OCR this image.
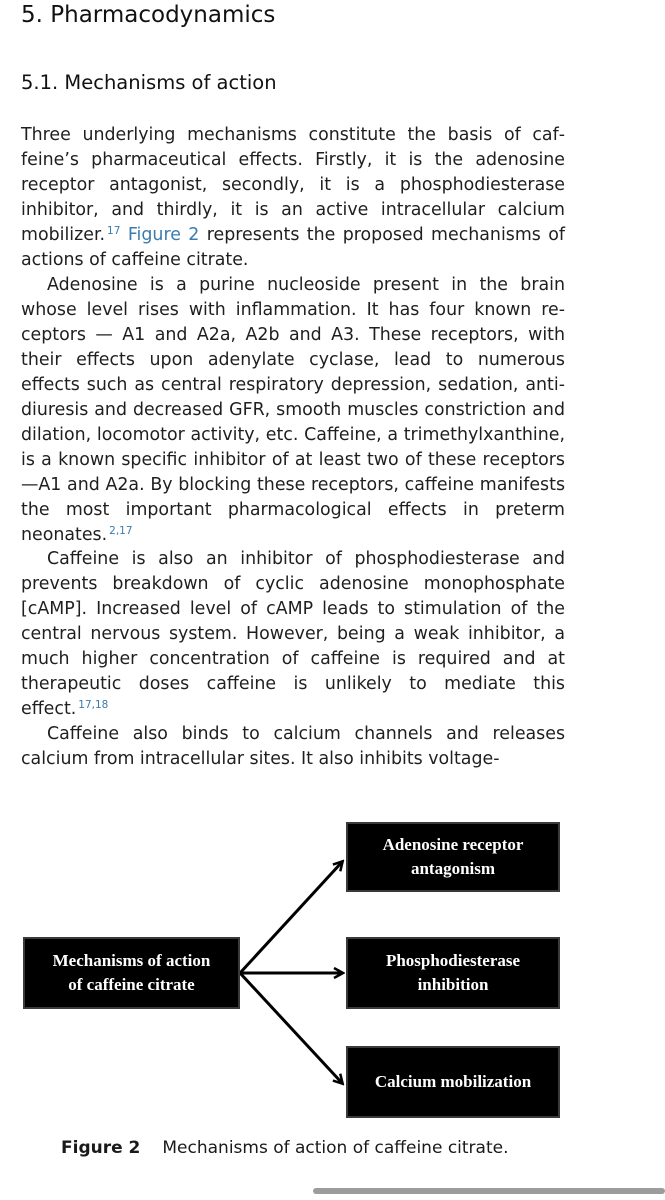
5. Pharmacodynamics
5.1. Mechanisms of action

Three underlying mechanisms constitute the basis of caffeine’s pharmaceutical effects. Firstly, it is the adenosine receptor antagonist, secondly, it is a phosphodiesterase inhibitor, and thirdly, it is an active intracellular calcium mobilizer. $^{17}$ Figure 2 represents the proposed mechanisms of actions of caffeine citrate.

Adenosine is a purine nucleoside present in the brain whose level rises with inflammation. It has four known receptors — A1 and A2a, A2b and A3. These receptors, with their effects upon adenylate cyclase, lead to numerous effects such as central respiratory depression, sedation, anti-diuresis and decreased GFR, smooth muscles constriction and dilation, locomotor activity, etc. Caffeine, a trimethylxanthine, is a known specific inhibitor of at least two of these receptors—A1 and A2a. By blocking these receptors, caffeine manifests the most important pharmacological effects in preterm neonates. $^{2,17}$

Caffeine is also an inhibitor of phosphodiesterase and prevents breakdown of cyclic adenosine monophosphate [cAMP]. Increased level of cAMP leads to stimulation of the central nervous system. However, being a weak inhibitor, a much higher concentration of caffeine is required and at therapeutic doses caffeine is unlikely to mediate this effect. $^{17,18}$

Caffeine also binds to calcium channels and releases calcium from intracellular sites. It also inhibits voltage-

Mechanisms of action
of caffeine citrate
Adenosine receptor
antagonism
Phosphodiesterase
inhibition
Calcium mobilization

Figure 2 Mechanisms of action of caffeine citrate.
